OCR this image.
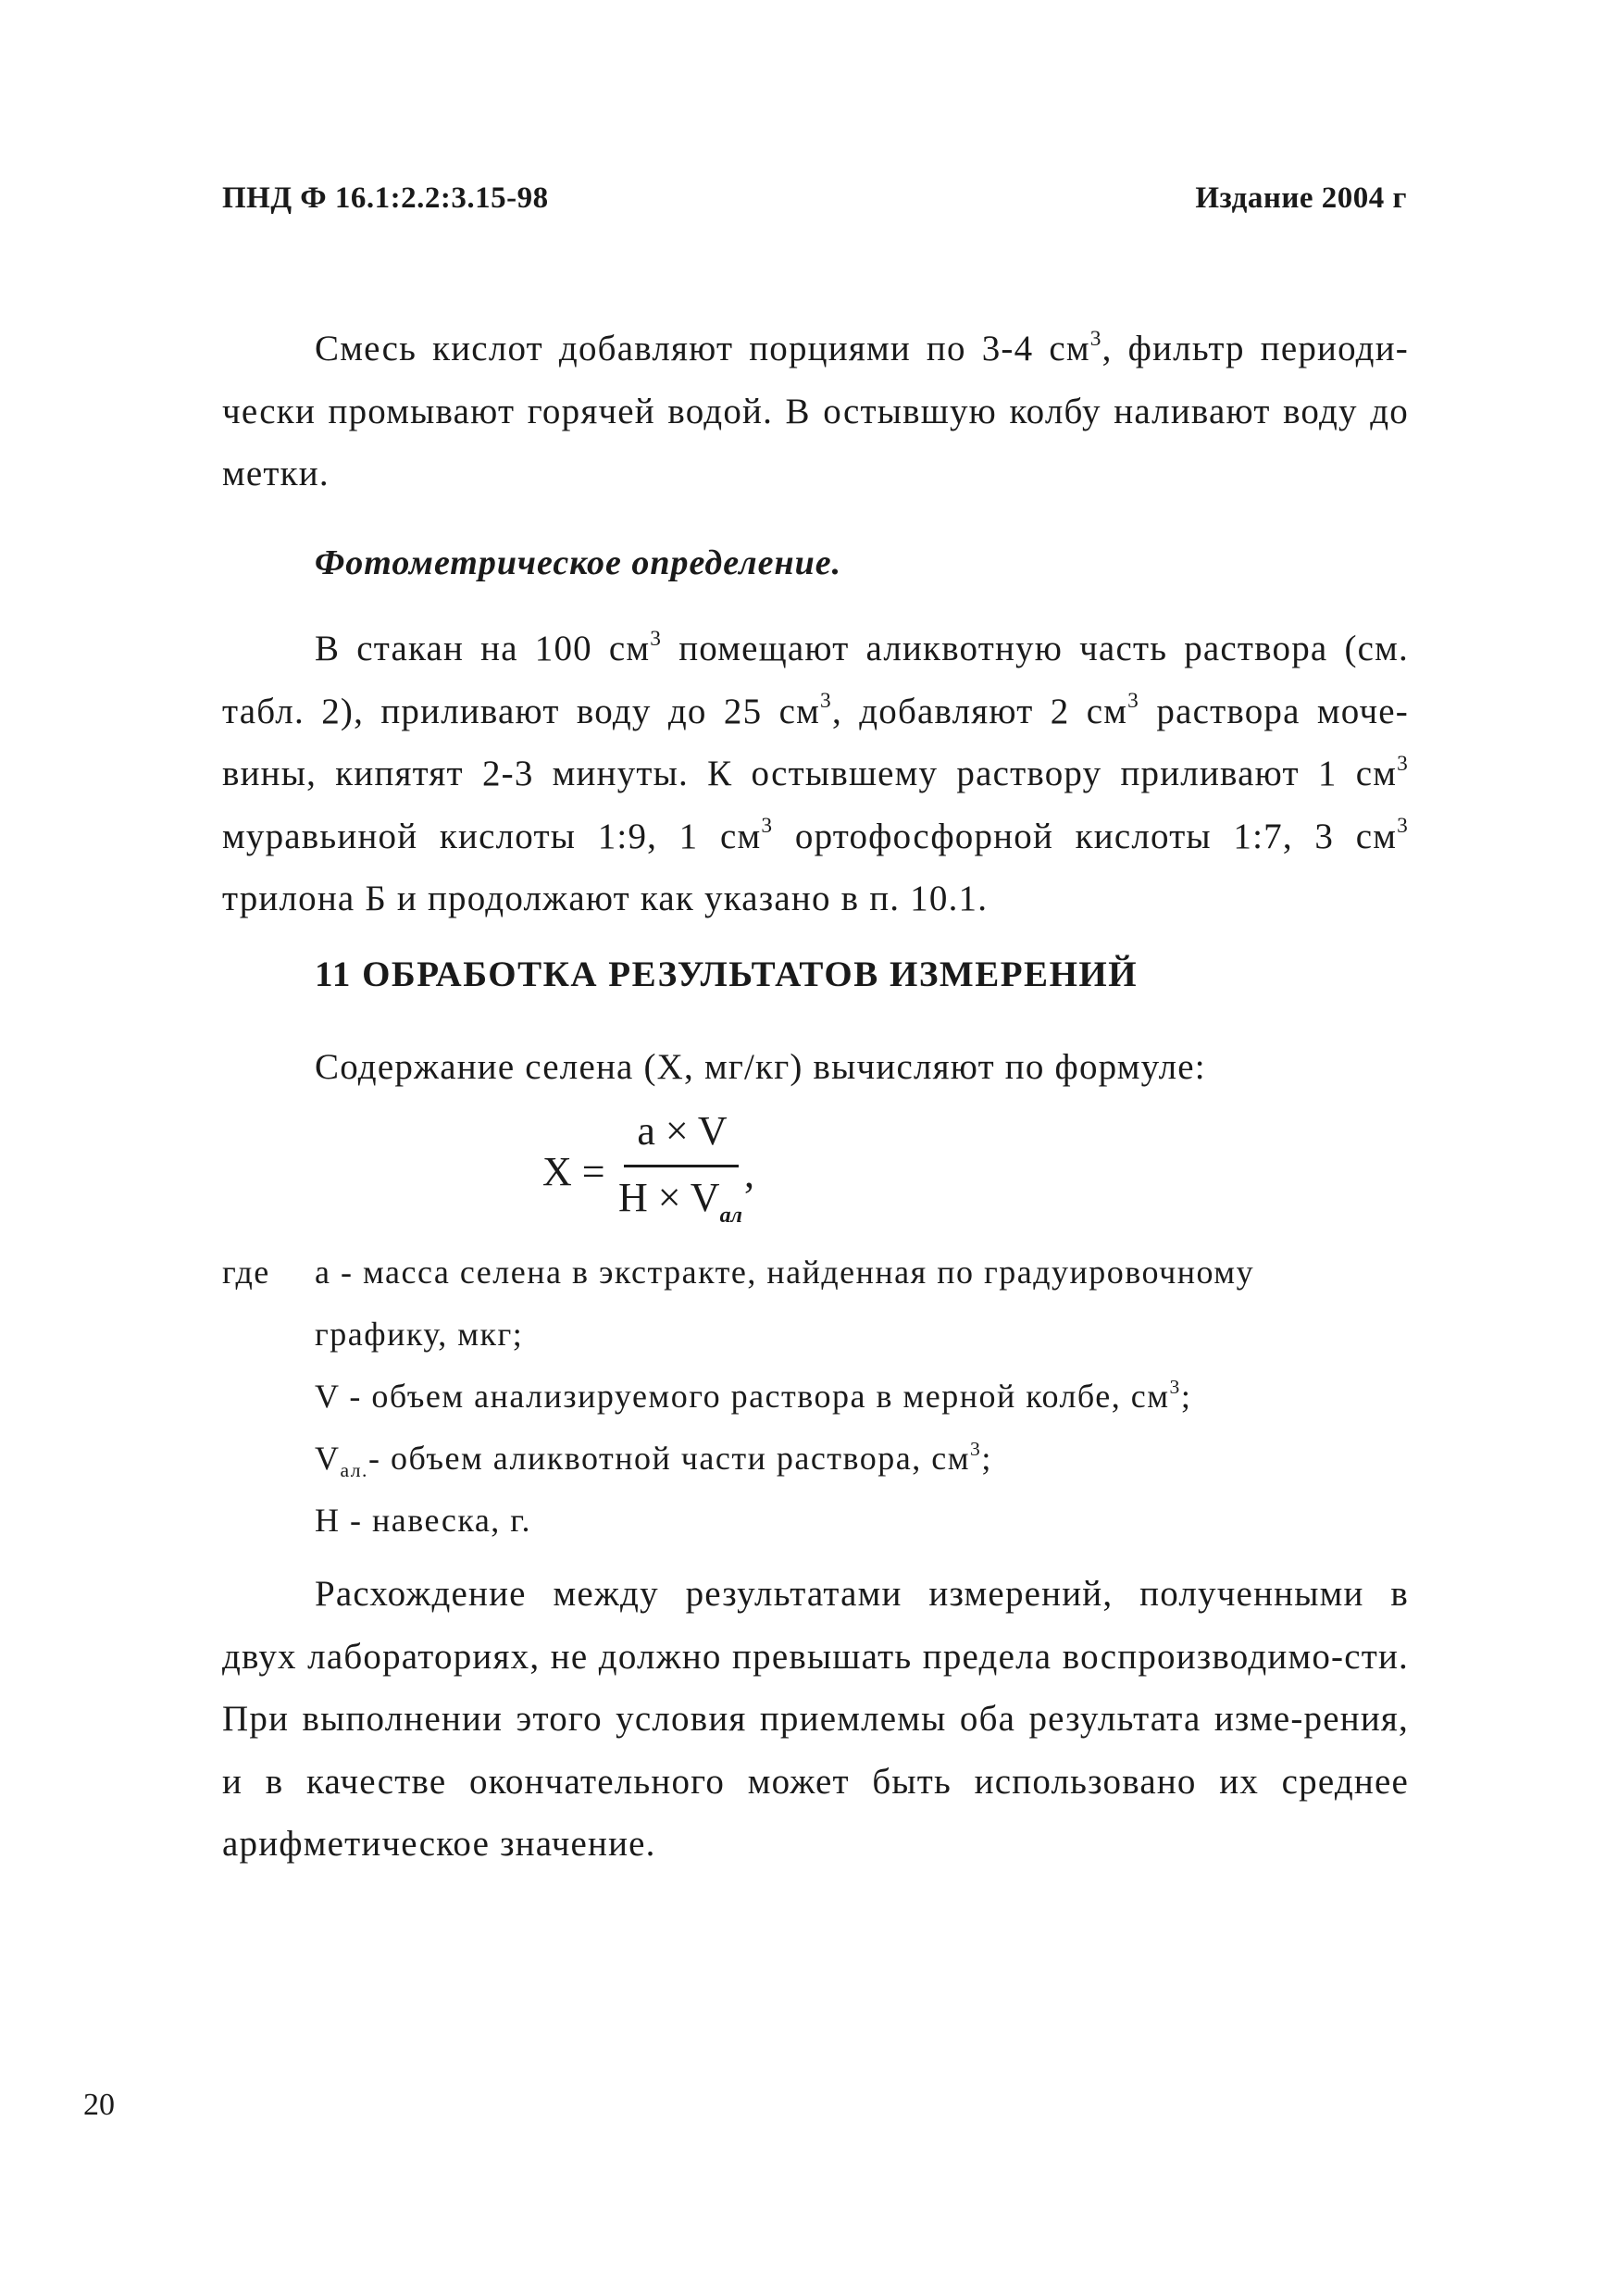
ПНД Ф 16.1:2.2:3.15-98	Издание 2004 г

Смесь кислот добавляют порциями по 3-4 $см^3$, фильтр периоди-чески промывают горячей водой. В остывшую колбу наливают воду до метки.

Фотометрическое определение.

В стакан на 100 $см^3$ помещают аликвотную часть раствора (см. табл. 2), приливают воду до 25 $см^3$, добавляют 2 $см^3$ раствора моче-вины, кипятят 2-3 минуты. К остывшему раствору приливают 1 $см^3$ муравьиной кислоты 1:9, 1 $см^3$ ортофосфорной кислоты 1:7, 3 $см^3$ трилона Б и продолжают как указано в п. 10.1.

11 ОБРАБОТКА РЕЗУЛЬТАТОВ ИЗМЕРЕНИЙ
Содержание селена (Х, мг/кг) вычисляют по формуле:
X =
a × V
$H \times V_{ал}$
,
где а - масса селена в экстракте, найденная по градуировочному
графику, мкг;
V - объем анализируемого раствора в мерной колбе, $см^3$;
$V_{ал.}-$ объем аликвотной части раствора, $см^3$;
Н - навеска, г.

Расхождение между результатами измерений, полученными в двух лабораториях, не должно превышать предела воспроизводимо-сти. При выполнении этого условия приемлемы оба результата изме-рения, и в качестве окончательного может быть использовано их среднее арифметическое значение.

20
